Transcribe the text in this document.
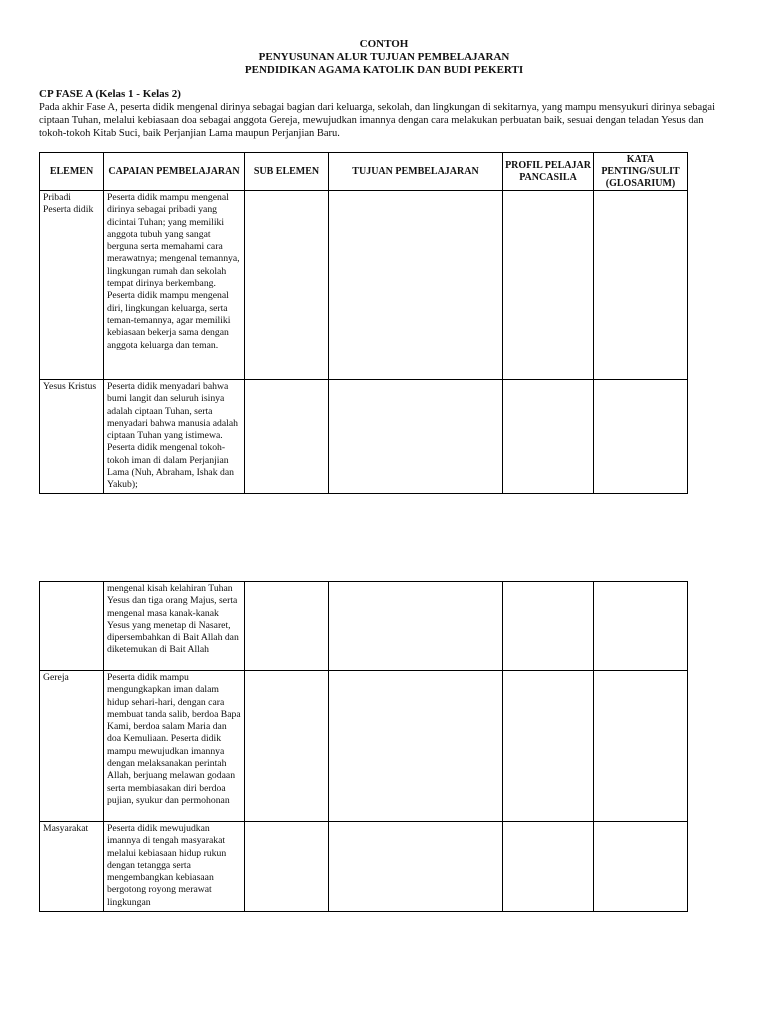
CONTOH
PENYUSUNAN ALUR TUJUAN PEMBELAJARAN
PENDIDIKAN AGAMA KATOLIK DAN BUDI PEKERTI
CP FASE A (Kelas 1 - Kelas 2)
Pada akhir Fase A, peserta didik mengenal dirinya sebagai bagian dari keluarga, sekolah, dan lingkungan di sekitarnya, yang mampu mensyukuri dirinya sebagai ciptaan Tuhan, melalui kebiasaan doa sebagai anggota Gereja, mewujudkan imannya dengan cara melakukan perbuatan baik, sesuai dengan teladan Yesus dan tokoh-tokoh Kitab Suci, baik Perjanjian Lama maupun Perjanjian Baru.
ELEMEN	CAPAIAN PEMBELAJARAN	SUB ELEMEN	TUJUAN PEMBELAJARAN	PROFIL PELAJAR PANCASILA	KATA PENTING/SULIT (GLOSARIUM)
Pribadi Peserta didik	Peserta didik mampu mengenal dirinya sebagai pribadi yang dicintai Tuhan; yang memiliki anggota tubuh yang sangat berguna serta memahami cara merawatnya; mengenal temannya, lingkungan rumah dan sekolah tempat dirinya berkembang. Peserta didik mampu mengenal diri, lingkungan keluarga, serta teman-temannya, agar memiliki kebiasaan bekerja sama dengan anggota keluarga dan teman.				
Yesus Kristus	Peserta didik menyadari bahwa bumi langit dan seluruh isinya adalah ciptaan Tuhan, serta menyadari bahwa manusia adalah ciptaan Tuhan yang istimewa. Peserta didik mengenal tokoh-tokoh iman di dalam Perjanjian Lama (Nuh, Abraham, Ishak dan Yakub);				
	mengenal kisah kelahiran Tuhan Yesus dan tiga orang Majus, serta mengenal masa kanak-kanak Yesus yang menetap di Nasaret, dipersembahkan di Bait Allah dan diketemukan di Bait Allah				
Gereja	Peserta didik mampu mengungkapkan iman dalam hidup sehari-hari, dengan cara membuat tanda salib, berdoa Bapa Kami, berdoa salam Maria dan doa Kemuliaan. Peserta didik mampu mewujudkan imannya dengan melaksanakan perintah Allah, berjuang melawan godaan serta membiasakan diri berdoa pujian, syukur dan permohonan				
Masyarakat	Peserta didik mewujudkan imannya di tengah masyarakat melalui kebiasaan hidup rukun dengan tetangga serta mengembangkan kebiasaan bergotong royong merawat lingkungan				
